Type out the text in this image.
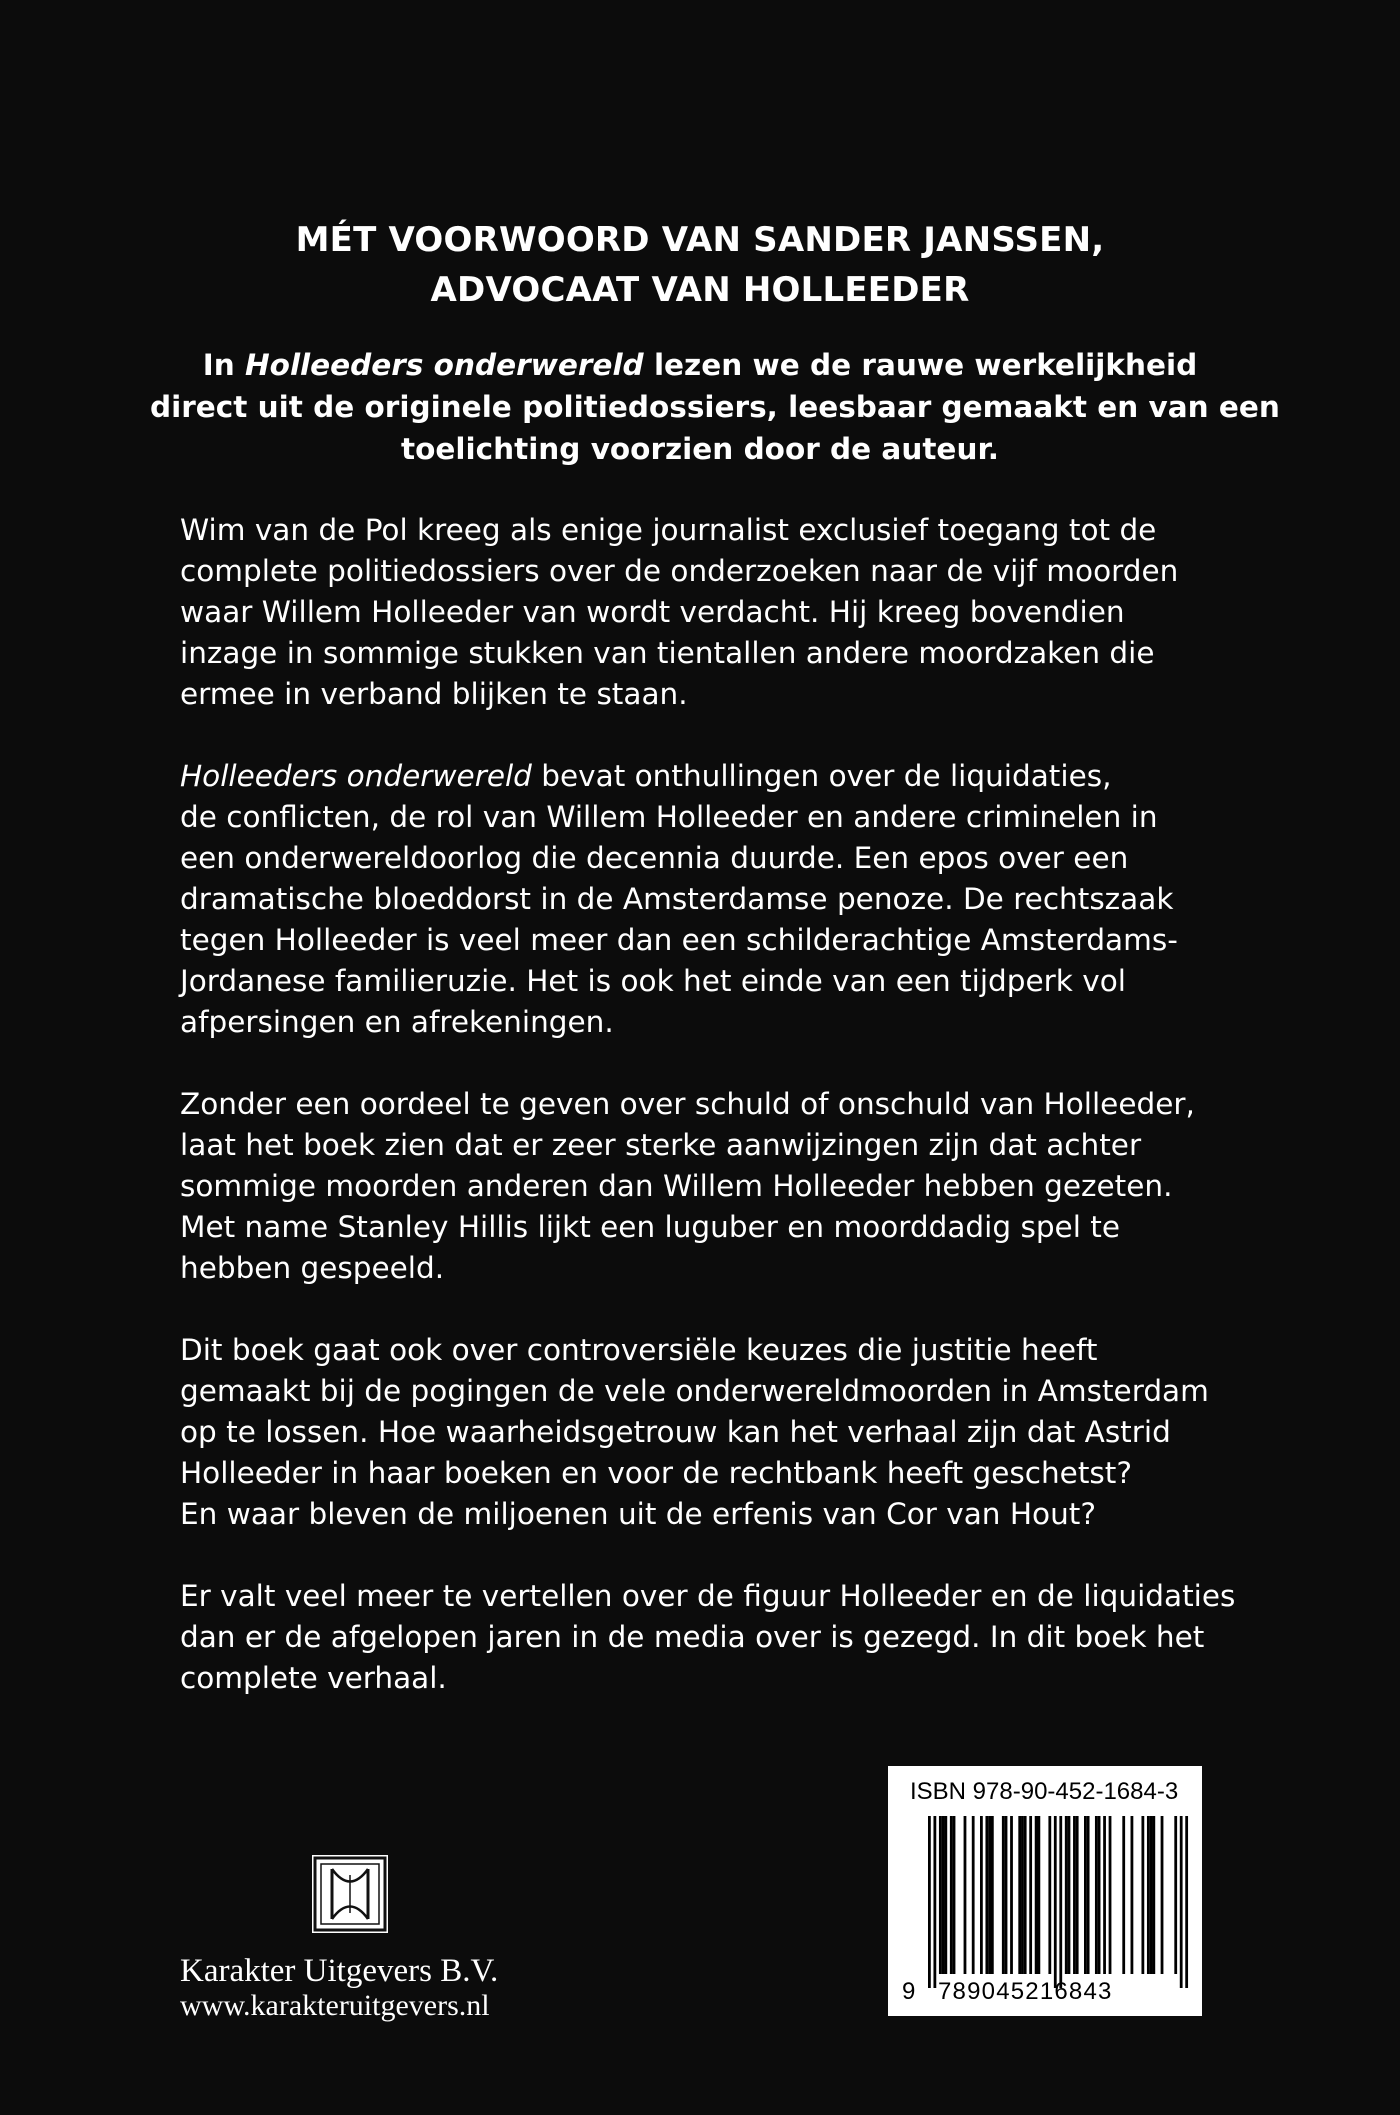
MÉT VOORWOORD VAN SANDER JANSSEN,
ADVOCAAT VAN HOLLEEDER
In Holleeders onderwereld lezen we de rauwe werkelijkheid
direct uit de originele politiedossiers, leesbaar gemaakt en van een
toelichting voorzien door de auteur.

Wim van de Pol kreeg als enige journalist exclusief toegang tot de
complete politiedossiers over de onderzoeken naar de vijf moorden
waar Willem Holleeder van wordt verdacht. Hij kreeg bovendien
inzage in sommige stukken van tientallen andere moordzaken die
ermee in verband blijken te staan.

Holleeders onderwereld bevat onthullingen over de liquidaties,
de conflicten, de rol van Willem Holleeder en andere criminelen in
een onderwereldoorlog die decennia duurde. Een epos over een
dramatische bloeddorst in de Amsterdamse penoze. De rechtszaak
tegen Holleeder is veel meer dan een schilderachtige Amsterdams-
Jordanese familieruzie. Het is ook het einde van een tijdperk vol
afpersingen en afrekeningen.

Zonder een oordeel te geven over schuld of onschuld van Holleeder,
laat het boek zien dat er zeer sterke aanwijzingen zijn dat achter
sommige moorden anderen dan Willem Holleeder hebben gezeten.
Met name Stanley Hillis lijkt een luguber en moorddadig spel te
hebben gespeeld.

Dit boek gaat ook over controversiële keuzes die justitie heeft
gemaakt bij de pogingen de vele onderwereldmoorden in Amsterdam
op te lossen. Hoe waarheidsgetrouw kan het verhaal zijn dat Astrid
Holleeder in haar boeken en voor de rechtbank heeft geschetst?
En waar bleven de miljoenen uit de erfenis van Cor van Hout?

Er valt veel meer te vertellen over de figuur Holleeder en de liquidaties
dan er de afgelopen jaren in de media over is gezegd. In dit boek het
complete verhaal.

Karakter Uitgevers B.V.
www.karakteruitgevers.nl
ISBN 978-90-452-1684-3
9 789045216843
